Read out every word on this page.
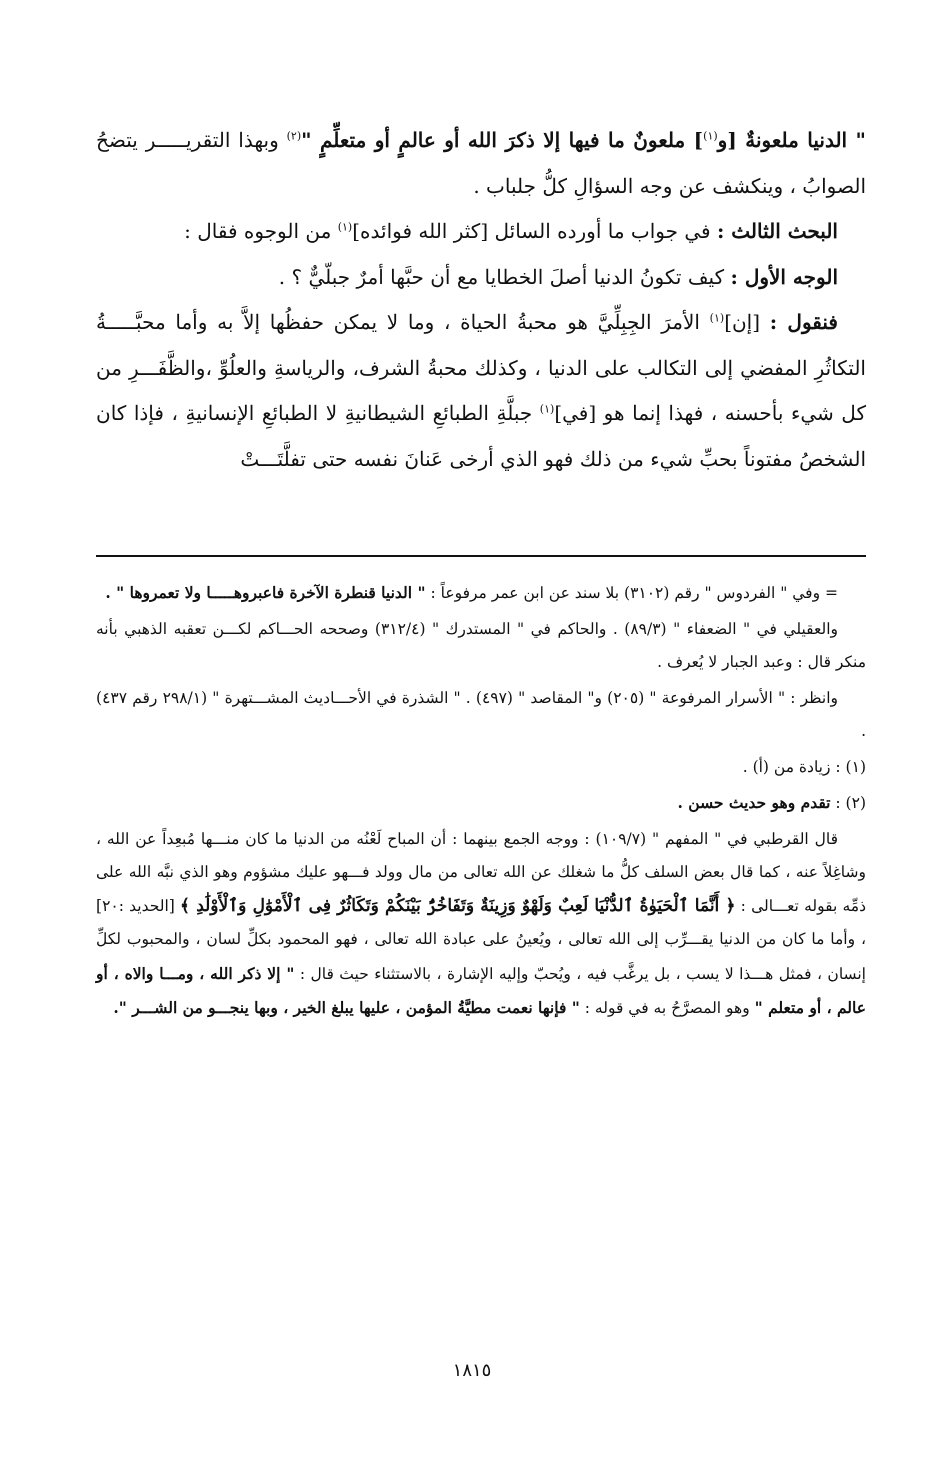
" الدنيا ملعونةٌ [و$^{(١)}$] ملعونٌ ما فيها إلا ذكرَ الله أو عالمٍ أو متعلِّمٍ "$^{(٢)}$ وبهذا التقريـــــر يتضحُ الصوابُ ، وينكشف عن وجه السؤالِ كلُّ جلباب .

البحث الثالث : في جواب ما أورده السائل [كثر الله فوائده]$^{(١)}$ من الوجوه فقال :

الوجه الأول : كيف تكونُ الدنيا أصلَ الخطايا مع أن حبَّها أمرٌ جبلّيٌّ ؟ .

فنقول : [إن]$^{(١)}$ الأمرَ الجِبِلِّيَّ هو محبةُ الحياة ، وما لا يمكن حفظُها إلاَّ به وأما محبَّـــــةُ التكاثُرِ المفضي إلى التكالب على الدنيا ، وكذلك محبةُ الشرف، والرياسةِ والعلُوِّ ،والظَّفَـــرِ من كل شيء بأحسنه ، فهذا إنما هو [في]$^{(١)}$ جبلَّةِ الطبائعِ الشيطانيةِ لا الطبائعِ الإنسانيةِ ، فإذا كان الشخصُ مفتوناً بحبِّ شيء من ذلك فهو الذي أرخى عَنانَ نفسه حتى تفلَّتَـــتْ

= وفي " الفردوس " رقم (٣١٠٢) بلا سند عن ابن عمر مرفوعاً : " الدنيا قنطرة الآخرة فاعبروهـــــا ولا تعمروها " .

والعقيلي في " الضعفاء " (٨٩/٣) . والحاكم في " المستدرك " (٣١٢/٤) وصححه الحـــاكم لكـــن تعقبه الذهبي بأنه منكر قال : وعبد الجبار لا يُعرف .

وانظر : " الأسرار المرفوعة " (٢٠٥) و" المقاصد " (٤٩٧) . " الشذرة في الأحـــاديث المشـــتهرة " (٢٩٨/١ رقم ٤٣٧) .

(١) : زيادة من (أ) .

(٢) : تقدم وهو حديث حسن .

قال القرطبي في " المفهم " (١٠٩/٧) : ووجه الجمع بينهما : أن المباح لَعْنُه من الدنيا ما كان منـــها مُبعِداً عن الله ، وشاغِلاً عنه ، كما قال بعض السلف كلُّ ما شغلك عن الله تعالى من مال وولد فـــهو عليك مشؤوم وهو الذي نبَّه الله على ذمِّه بقوله تعـــالى : ﴿ أَنَّمَا ٱلْحَيَوٰةُ ٱلدُّنْيَا لَعِبٌ وَلَهْوٌ وَزِينَةٌ وَتَفَاخُرٌۢ بَيْنَكُمْ وَتَكَاثُرٌ فِى ٱلْأَمْوَٰلِ وَٱلْأَوْلَٰدِ ﴾ [الحديد :٢٠] ، وأما ما كان من الدنيا يقـــرِّب إلى الله تعالى ، ويُعينُ على عبادة الله تعالى ، فهو المحمود بكلِّ لسان ، والمحبوب لكلِّ إنسان ، فمثل هـــذا لا يسب ، بل يرغَّب فيه ، ويُحبّ وإليه الإشارة ، بالاستثناء حيث قال : " إلا ذكر الله ، ومـــا والاه ، أو عالم ، أو متعلم " وهو المصرَّحُ به في قوله : " فإنها نعمت مطيَّةُ المؤمن ، عليها يبلغ الخير ، وبها ينجـــو من الشـــر ".

١٨١٥
